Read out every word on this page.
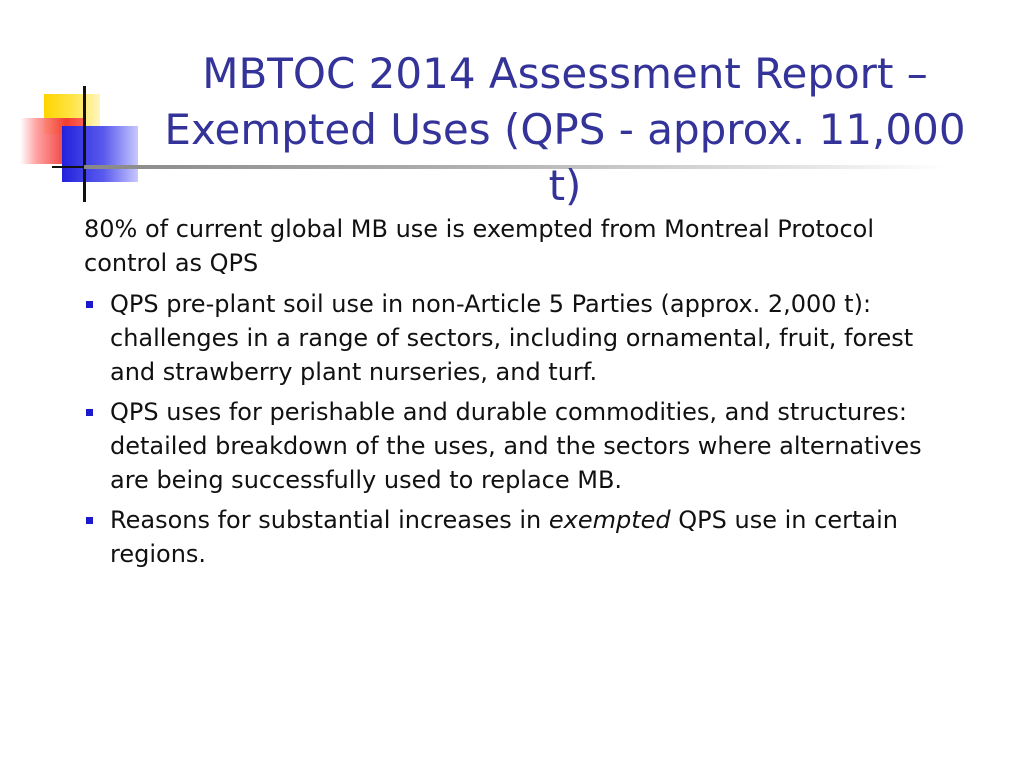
MBTOC 2014 Assessment Report –
Exempted Uses (QPS - approx. 11,000 t)

80% of current global MB use is exempted from Montreal Protocol control as QPS

QPS pre-plant soil use in non-Article 5 Parties (approx. 2,000 t): challenges in a range of sectors, including ornamental, fruit, forest and strawberry plant nurseries, and turf.
QPS uses for perishable and durable commodities, and structures: detailed breakdown of the uses, and the sectors where alternatives are being successfully used to replace MB.
Reasons for substantial increases in exempted QPS use in certain regions.
